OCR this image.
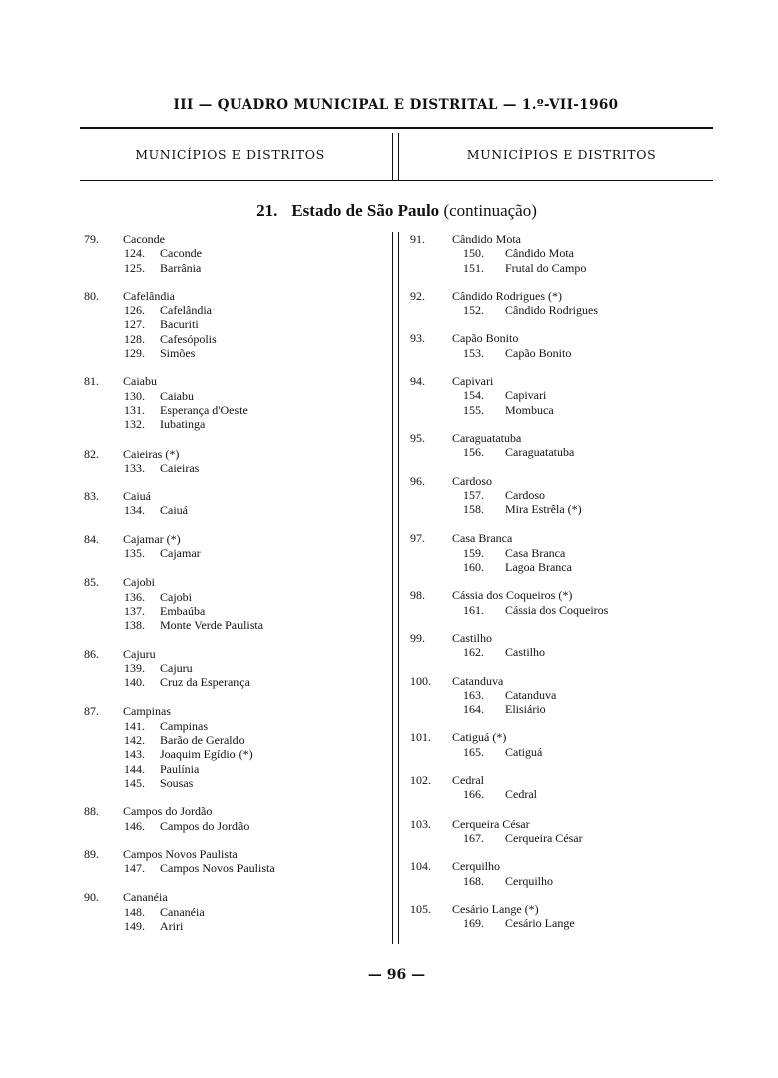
III — QUADRO MUNICIPAL E DISTRITAL — 1.º-VII-1960
MUNICÍPIOS E DISTRITOS	MUNICÍPIOS E DISTRITOS
21. Estado de São Paulo (continuação)
79. Caconde
124. Caconde
125. Barrânia
80. Cafelândia
126. Cafelândia
127. Bacuriti
128. Cafesópolis
129. Simões
81. Caiabu
130. Caiabu
131. Esperança d'Oeste
132. Iubatinga
82. Caieiras (*)
133. Caieiras
83. Caiuá
134. Caiuá
84. Cajamar (*)
135. Cajamar
85. Cajobi
136. Cajobi
137. Embaúba
138. Monte Verde Paulista
86. Cajuru
139. Cajuru
140. Cruz da Esperança
87. Campinas
141. Campinas
142. Barão de Geraldo
143. Joaquim Egídio (*)
144. Paulínia
145. Sousas
88. Campos do Jordão
146. Campos do Jordão
89. Campos Novos Paulista
147. Campos Novos Paulista
90. Cananéia
148. Cananéia
149. Ariri
91. Cândido Mota
150. Cândido Mota
151. Frutal do Campo
92. Cândido Rodrigues (*)
152. Cândido Rodrigues
93. Capão Bonito
153. Capão Bonito
94. Capivari
154. Capivari
155. Mombuca
95. Caraguatatuba
156. Caraguatatuba
96. Cardoso
157. Cardoso
158. Mira Estrêla (*)
97. Casa Branca
159. Casa Branca
160. Lagoa Branca
98. Cássia dos Coqueiros (*)
161. Cássia dos Coqueiros
99. Castilho
162. Castilho
100. Catanduva
163. Catanduva
164. Elisiário
101. Catiguá (*)
165. Catiguá
102. Cedral
166. Cedral
103. Cerqueira César
167. Cerqueira César
104. Cerquilho
168. Cerquilho
105. Cesário Lange (*)
169. Cesário Lange
— 96 —
